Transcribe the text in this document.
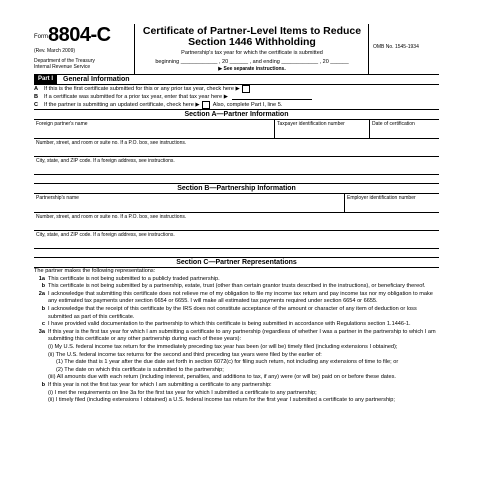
Form 8804-C
(Rev. March 2009)
Department of the Treasury
Internal Revenue Service
Certificate of Partner-Level Items to Reduce
Section 1446 Withholding
Partnership's tax year for which the certificate is submitted
beginning ____________ , 20 ______ , and ending ____________ , 20 ______
▶ See separate instructions.
OMB No. 1545-1934
Part I	General Information
A	If this is the first certificate submitted for this or any prior tax year, check here ▶
B	If a certificate was submitted for a prior tax year, enter that tax year here ▶
C	If the partner is submitting an updated certificate, check here ▶ Also, complete Part I, line 5.
Section A—Partner Information
Foreign partner's name	Taxpayer identification number	Date of certification
Number, street, and room or suite no. If a P.O. box, see instructions.
City, state, and ZIP code. If a foreign address, see instructions.
Section B—Partnership Information
Partnership's name	Employer identification number
Number, street, and room or suite no. If a P.O. box, see instructions.
City, state, and ZIP code. If a foreign address, see instructions.
Section C—Partner Representations
The partner makes the following representations:
1a This certificate is not being submitted to a publicly traded partnership.
b This certificate is not being submitted by a partnership, estate, trust (other than certain grantor trusts described in the instructions), or beneficiary thereof.
2a I acknowledge that submitting this certificate does not relieve me of my obligation to file my income tax return and pay income tax nor my obligation to make any estimated tax payments under section 6654 or 6655. I will make all estimated tax payments required under section 6654 or 6655.
b I acknowledge that the receipt of this certificate by the IRS does not constitute acceptance of the amount or character of any item of deduction or loss submitted as part of this certificate.
c I have provided valid documentation to the partnership to which this certificate is being submitted in accordance with Regulations section 1.1446-1.
3a If this year is the first tax year for which I am submitting a certificate to any partnership (regardless of whether I was a partner in the partnership to which I am submitting this certificate or any other partnership during each of these years):
(i) My U.S. federal income tax return for the immediately preceding tax year has been (or will be) timely filed (including extensions I obtained);
(ii) The U.S. federal income tax returns for the second and third preceding tax years were filed by the earlier of:
(1) The date that is 1 year after the due date set forth in section 6072(c) for filing such return, not including any extensions of time to file; or
(2) The date on which this certificate is submitted to the partnership;
(iii) All amounts due with each return (including interest, penalties, and additions to tax, if any) were (or will be) paid on or before these dates.
b If this year is not the first tax year for which I am submitting a certificate to any partnership:
(i) I met the requirements on line 3a for the first tax year for which I submitted a certificate to any partnership;
(ii) I timely filed (including extensions I obtained) a U.S. federal income tax return for the first year I submitted a certificate to any partnership;
